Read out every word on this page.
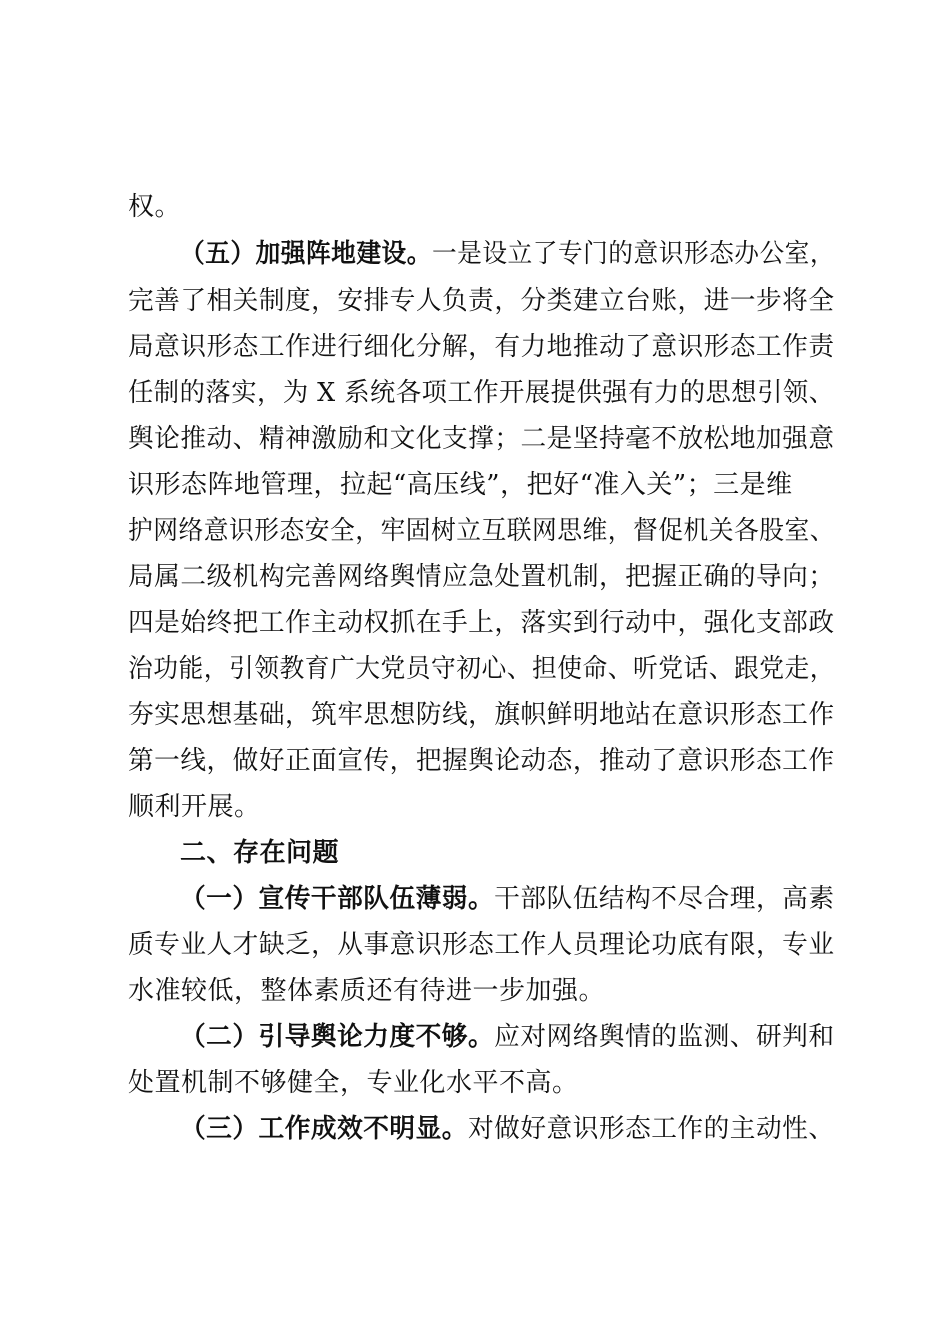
权。
（五）加强阵地建设。一是设立了专门的意识形态办公室，
完善了相关制度，安排专人负责，分类建立台账，进一步将全
局意识形态工作进行细化分解，有力地推动了意识形态工作责
任制的落实，为 X 系统各项工作开展提供强有力的思想引领、
舆论推动、精神激励和文化支撑；二是坚持毫不放松地加强意
识形态阵地管理，拉起“高压线”，把好“准入关”；三是维
护网络意识形态安全，牢固树立互联网思维，督促机关各股室、
局属二级机构完善网络舆情应急处置机制，把握正确的导向；
四是始终把工作主动权抓在手上，落实到行动中，强化支部政
治功能，引领教育广大党员守初心、担使命、听党话、跟党走，
夯实思想基础，筑牢思想防线，旗帜鲜明地站在意识形态工作
第一线，做好正面宣传，把握舆论动态，推动了意识形态工作
顺利开展。
二、存在问题
（一）宣传干部队伍薄弱。干部队伍结构不尽合理，高素
质专业人才缺乏，从事意识形态工作人员理论功底有限，专业
水准较低，整体素质还有待进一步加强。
（二）引导舆论力度不够。应对网络舆情的监测、研判和
处置机制不够健全，专业化水平不高。
（三）工作成效不明显。对做好意识形态工作的主动性、
